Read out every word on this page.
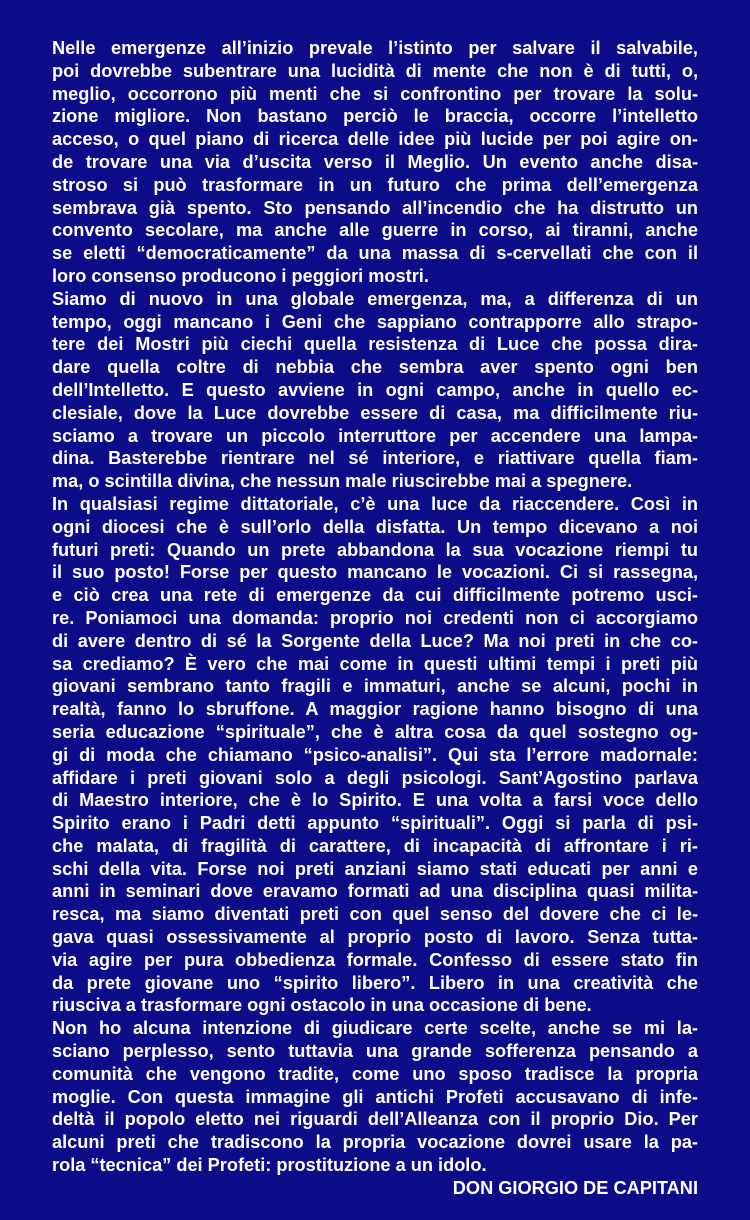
Nelle emergenze all’inizio prevale l’istinto per salvare il salvabile,
poi dovrebbe subentrare una lucidità di mente che non è di tutti, o,
meglio, occorrono più menti che si confrontino per trovare la solu-
zione migliore. Non bastano perciò le braccia, occorre l’intelletto
acceso, o quel piano di ricerca delle idee più lucide per poi agire on-
de trovare una via d’uscita verso il Meglio. Un evento anche disa-
stroso si può trasformare in un futuro che prima dell’emergenza
sembrava già spento. Sto pensando all’incendio che ha distrutto un
convento secolare, ma anche alle guerre in corso, ai tiranni, anche
se eletti “democraticamente” da una massa di s-cervellati che con il
loro consenso producono i peggiori mostri.
Siamo di nuovo in una globale emergenza, ma, a differenza di un
tempo, oggi mancano i Geni che sappiano contrapporre allo strapo-
tere dei Mostri più ciechi quella resistenza di Luce che possa dira-
dare quella coltre di nebbia che sembra aver spento ogni ben
dell’Intelletto. E questo avviene in ogni campo, anche in quello ec-
clesiale, dove la Luce dovrebbe essere di casa, ma difficilmente riu-
sciamo a trovare un piccolo interruttore per accendere una lampa-
dina. Basterebbe rientrare nel sé interiore, e riattivare quella fiam-
ma, o scintilla divina, che nessun male riuscirebbe mai a spegnere.
In qualsiasi regime dittatoriale, c’è una luce da riaccendere. Così in
ogni diocesi che è sull’orlo della disfatta. Un tempo dicevano a noi
futuri preti: Quando un prete abbandona la sua vocazione riempi tu
il suo posto! Forse per questo mancano le vocazioni. Ci si rassegna,
e ciò crea una rete di emergenze da cui difficilmente potremo usci-
re. Poniamoci una domanda: proprio noi credenti non ci accorgiamo
di avere dentro di sé la Sorgente della Luce? Ma noi preti in che co-
sa crediamo? È vero che mai come in questi ultimi tempi i preti più
giovani sembrano tanto fragili e immaturi, anche se alcuni, pochi in
realtà, fanno lo sbruffone. A maggior ragione hanno bisogno di una
seria educazione “spirituale”, che è altra cosa da quel sostegno og-
gi di moda che chiamano “psico-analisi”. Qui sta l’errore madornale:
affidare i preti giovani solo a degli psicologi. Sant’Agostino parlava
di Maestro interiore, che è lo Spirito. E una volta a farsi voce dello
Spirito erano i Padri detti appunto “spirituali”. Oggi si parla di psi-
che malata, di fragilità di carattere, di incapacità di affrontare i ri-
schi della vita. Forse noi preti anziani siamo stati educati per anni e
anni in seminari dove eravamo formati ad una disciplina quasi milita-
resca, ma siamo diventati preti con quel senso del dovere che ci le-
gava quasi ossessivamente al proprio posto di lavoro. Senza tutta-
via agire per pura obbedienza formale. Confesso di essere stato fin
da prete giovane uno “spirito libero”. Libero in una creatività che
riusciva a trasformare ogni ostacolo in una occasione di bene.
Non ho alcuna intenzione di giudicare certe scelte, anche se mi la-
sciano perplesso, sento tuttavia una grande sofferenza pensando a
comunità che vengono tradite, come uno sposo tradisce la propria
moglie. Con questa immagine gli antichi Profeti accusavano di infe-
deltà il popolo eletto nei riguardi dell’Alleanza con il proprio Dio. Per
alcuni preti che tradiscono la propria vocazione dovrei usare la pa-
rola “tecnica” dei Profeti: prostituzione a un idolo.
DON GIORGIO DE CAPITANI
